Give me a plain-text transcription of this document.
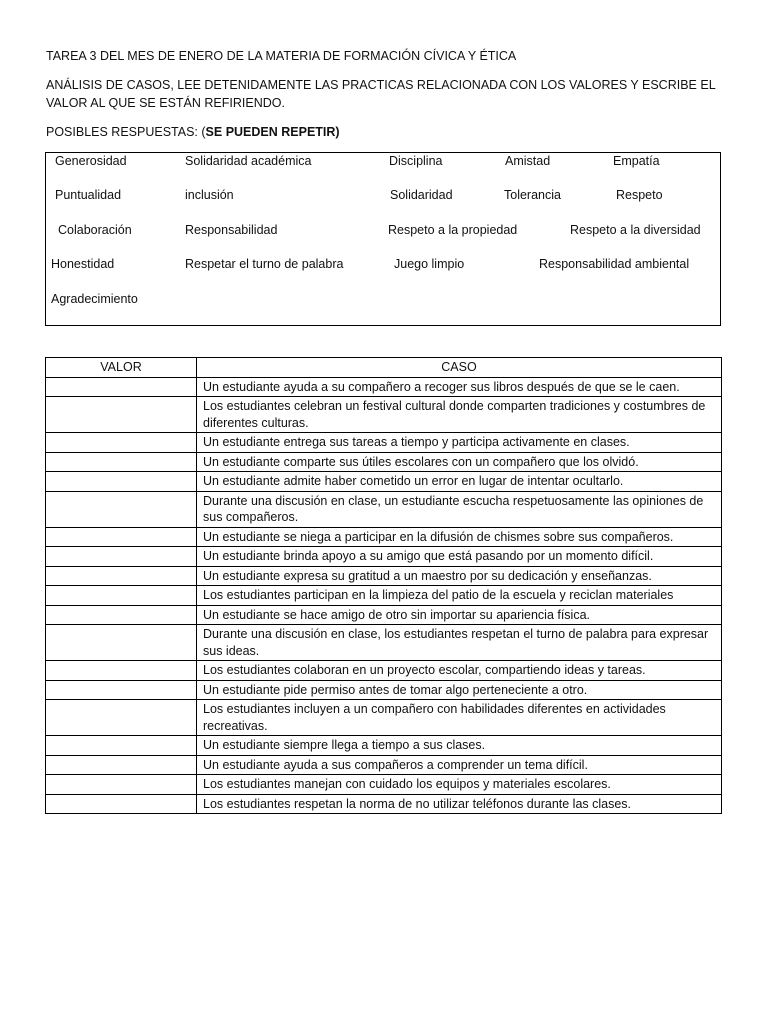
TAREA 3 DEL MES DE ENERO DE LA MATERIA DE FORMACIÓN CÍVICA Y ÉTICA
ANÁLISIS DE CASOS, LEE DETENIDAMENTE LAS PRACTICAS RELACIONADA CON LOS VALORES Y ESCRIBE EL VALOR AL QUE SE ESTÁN REFIRIENDO.
POSIBLES RESPUESTAS: (SE PUEDEN REPETIR)
Generosidad	Solidaridad académica	Disciplina	Amistad	Empatía
Puntualidad	inclusión	Solidaridad	Tolerancia	Respeto
Colaboración	Responsabilidad	Respeto a la propiedad	Respeto a la diversidad
Honestidad	Respetar el turno de palabra	Juego limpio	Responsabilidad ambiental
Agradecimiento
VALOR	CASO
	Un estudiante ayuda a su compañero a recoger sus libros después de que se le caen.
	Los estudiantes celebran un festival cultural donde comparten tradiciones y costumbres de diferentes culturas.
	Un estudiante entrega sus tareas a tiempo y participa activamente en clases.
	Un estudiante comparte sus útiles escolares con un compañero que los olvidó.
	Un estudiante admite haber cometido un error en lugar de intentar ocultarlo.
	Durante una discusión en clase, un estudiante escucha respetuosamente las opiniones de sus compañeros.
	Un estudiante se niega a participar en la difusión de chismes sobre sus compañeros.
	Un estudiante brinda apoyo a su amigo que está pasando por un momento difícil.
	Un estudiante expresa su gratitud a un maestro por su dedicación y enseñanzas.
	Los estudiantes participan en la limpieza del patio de la escuela y reciclan materiales
	Un estudiante se hace amigo de otro sin importar su apariencia física.
	Durante una discusión en clase, los estudiantes respetan el turno de palabra para expresar sus ideas.
	Los estudiantes colaboran en un proyecto escolar, compartiendo ideas y tareas.
	Un estudiante pide permiso antes de tomar algo perteneciente a otro.
	Los estudiantes incluyen a un compañero con habilidades diferentes en actividades recreativas.
	Un estudiante siempre llega a tiempo a sus clases.
	Un estudiante ayuda a sus compañeros a comprender un tema difícil.
	Los estudiantes manejan con cuidado los equipos y materiales escolares.
	Los estudiantes respetan la norma de no utilizar teléfonos durante las clases.
